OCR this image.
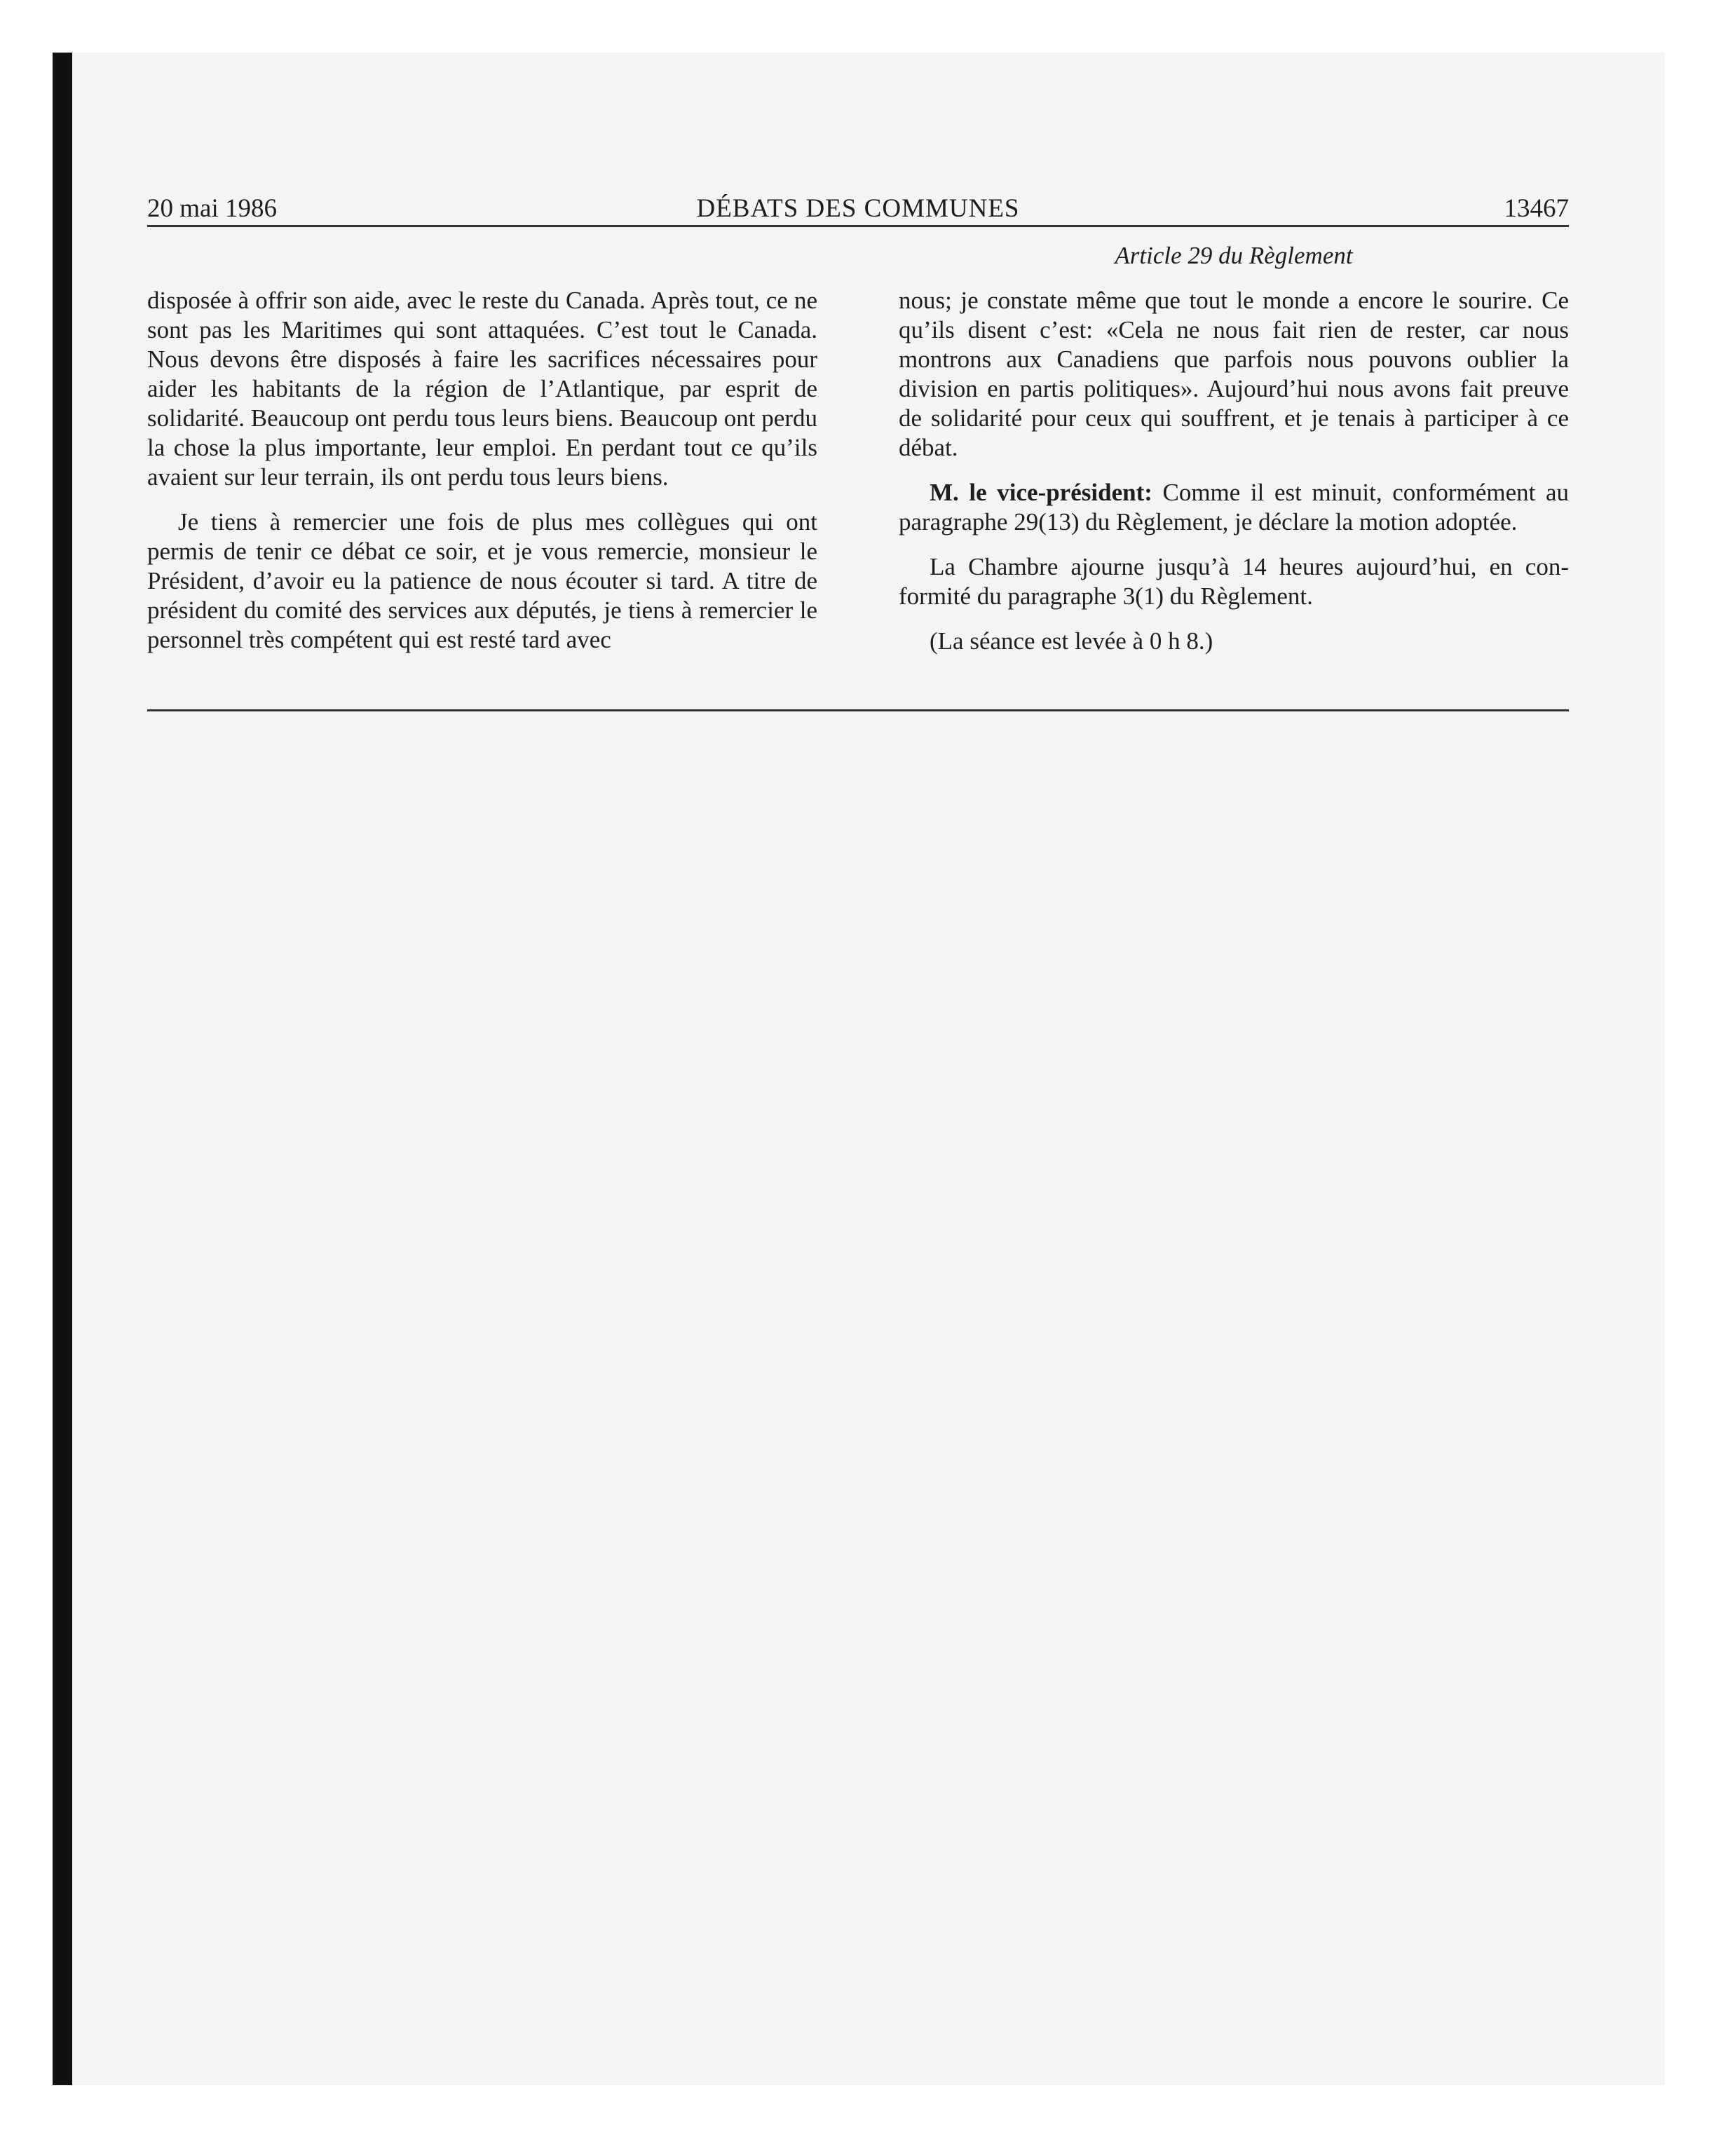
20 mai 1986	DÉBATS DES COMMUNES	13467
Article 29 du Règlement

disposée à offrir son aide, avec le reste du Canada. Après tout, ce ne sont pas les Maritimes qui sont attaquées. C’est tout le Canada. Nous devons être disposés à faire les sacrifices nécessaires pour aider les habitants de la région de l’Atlantique, par esprit de solidarité. Beaucoup ont perdu tous leurs biens. Beaucoup ont perdu la chose la plus importante, leur emploi. En perdant tout ce qu’ils avaient sur leur terrain, ils ont perdu tous leurs biens.

Je tiens à remercier une fois de plus mes collègues qui ont permis de tenir ce débat ce soir, et je vous remercie, monsieur le Président, d’avoir eu la patience de nous écouter si tard. A titre de président du comité des services aux députés, je tiens à remercier le personnel très compétent qui est resté tard avec

nous; je constate même que tout le monde a encore le sourire. Ce qu’ils disent c’est: «Cela ne nous fait rien de rester, car nous montrons aux Canadiens que parfois nous pouvons oublier la division en partis politiques». Aujourd’hui nous avons fait preuve de solidarité pour ceux qui souffrent, et je tenais à participer à ce débat.

M. le vice-président: Comme il est minuit, conformément au paragraphe 29(13) du Règlement, je déclare la motion adoptée.

La Chambre ajourne jusqu’à 14 heures aujourd’hui, en conformité du paragraphe 3(1) du Règlement.

(La séance est levée à 0 h 8.)
